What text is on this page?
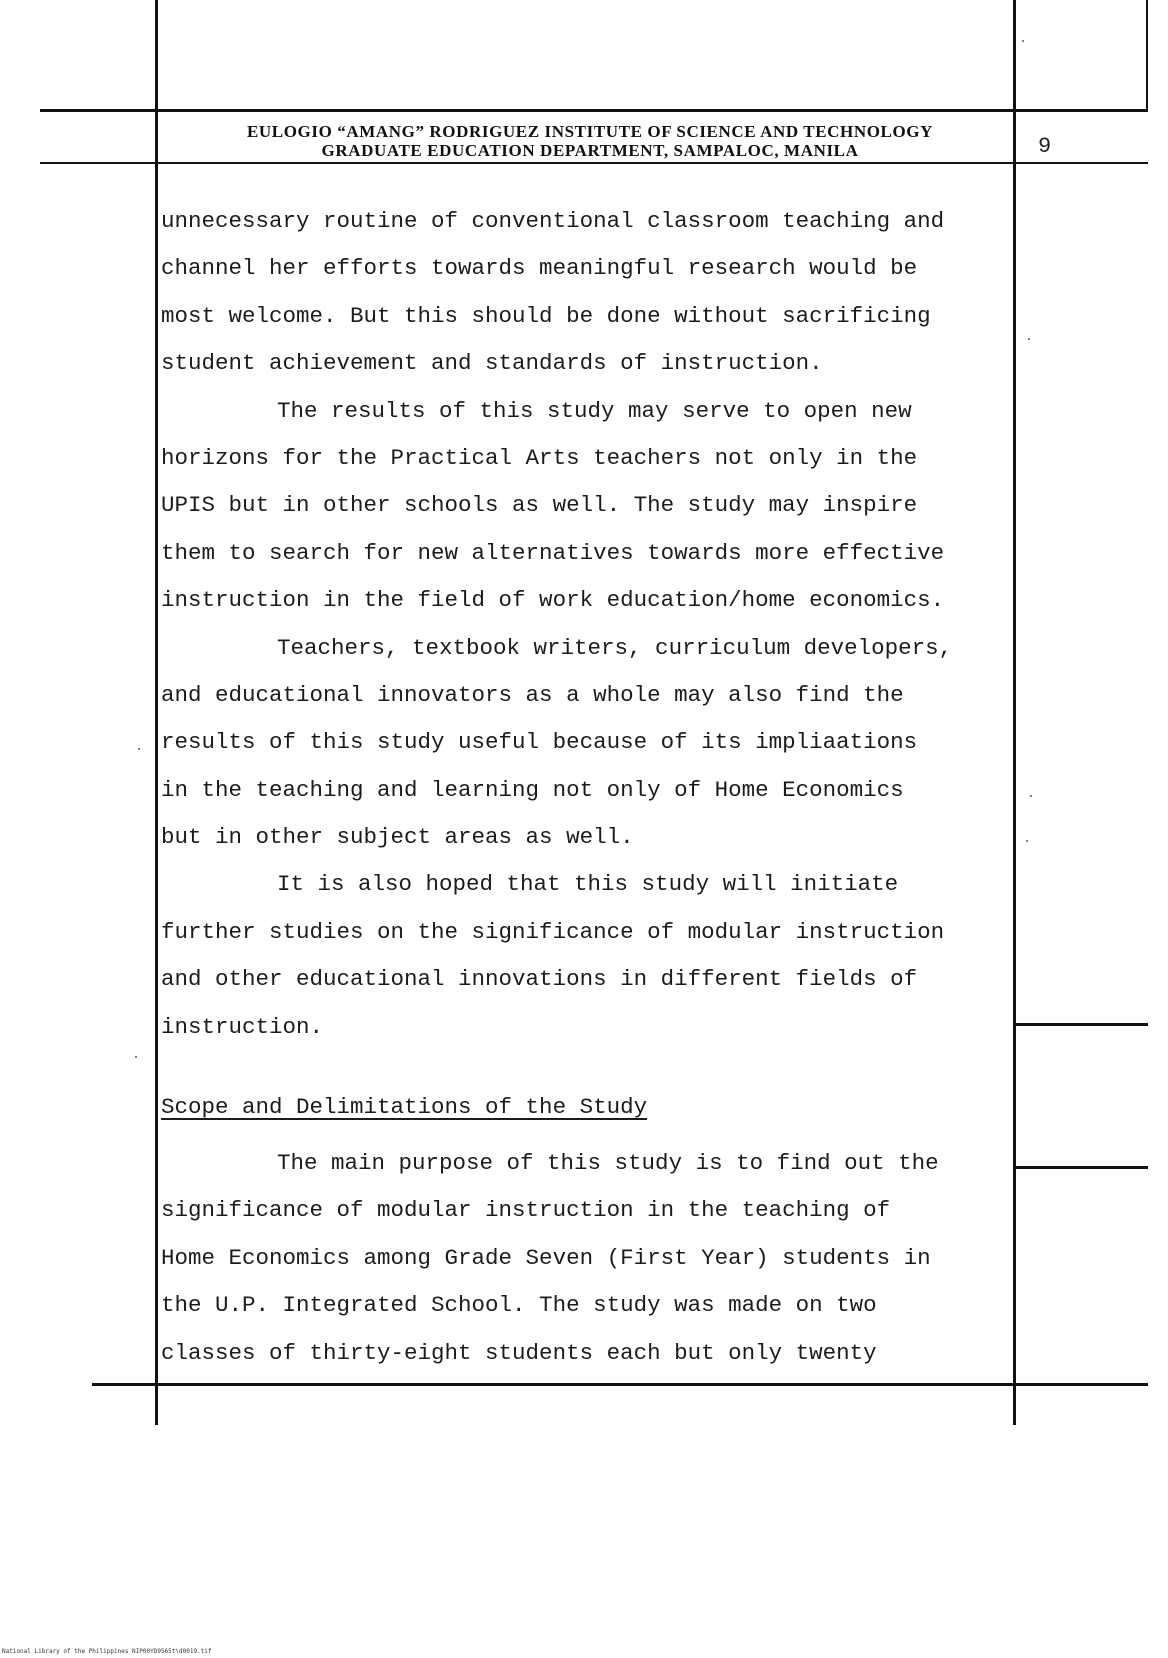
EULOGIO “AMANG” RODRIGUEZ INSTITUTE OF SCIENCE AND TECHNOLOGY
GRADUATE EDUCATION DEPARTMENT, SAMPALOC, MANILA	9
unnecessary routine of conventional classroom teaching and
channel her efforts towards meaningful research would be
most welcome. But this should be done without sacrificing
student achievement and standards of instruction.
The results of this study may serve to open new
horizons for the Practical Arts teachers not only in the
UPIS but in other schools as well. The study may inspire
them to search for new alternatives towards more effective
instruction in the field of work education/home economics.
Teachers, textbook writers, curriculum developers,
and educational innovators as a whole may also find the
results of this study useful because of its impliaations
in the teaching and learning not only of Home Economics
but in other subject areas as well.
It is also hoped that this study will initiate
further studies on the significance of modular instruction
and other educational innovations in different fields of
instruction.
Scope and Delimitations of the Study
The main purpose of this study is to find out the
significance of modular instruction in the teaching of
Home Economics among Grade Seven (First Year) students in
the U.P. Integrated School. The study was made on two
classes of thirty-eight students each but only twenty
National Library of the Philippines NIP00YD9565t\d0019.tif
